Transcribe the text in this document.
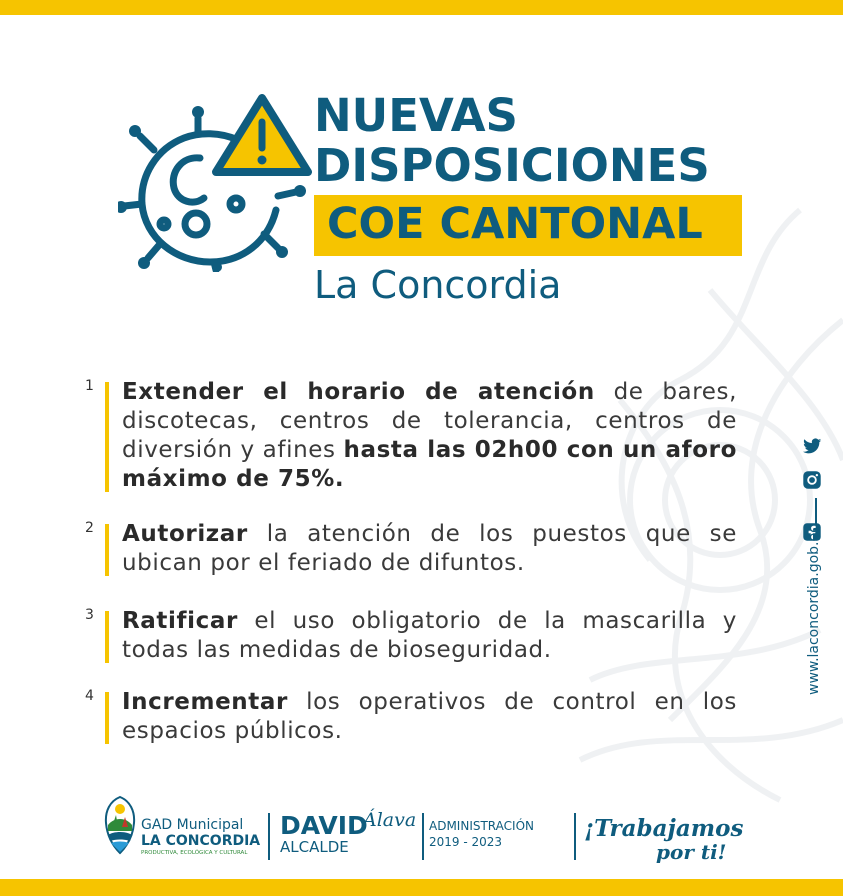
NUEVAS
DISPOSICIONES
COE CANTONAL
La Concordia
1 Extender el horario de atención de bares, discotecas, centros de tolerancia, centros de diversión y afines hasta las 02h00 con un aforo máximo de 75%.
2 Autorizar la atención de los puestos que se ubican por el feriado de difuntos.
3 Ratificar el uso obligatorio de la mascarilla y todas las medidas de bioseguridad.
4 Incrementar los operativos de control en los espacios públicos.

www.laconcordia.gob.ec
GAD Municipal
LA CONCORDIA
PRODUCTIVA, ECOLÓGICA Y CULTURAL
DAVID
Álava
ALCALDE
ADMINISTRACIÓN
2019 - 2023	¡Trabajamos
por ti!
